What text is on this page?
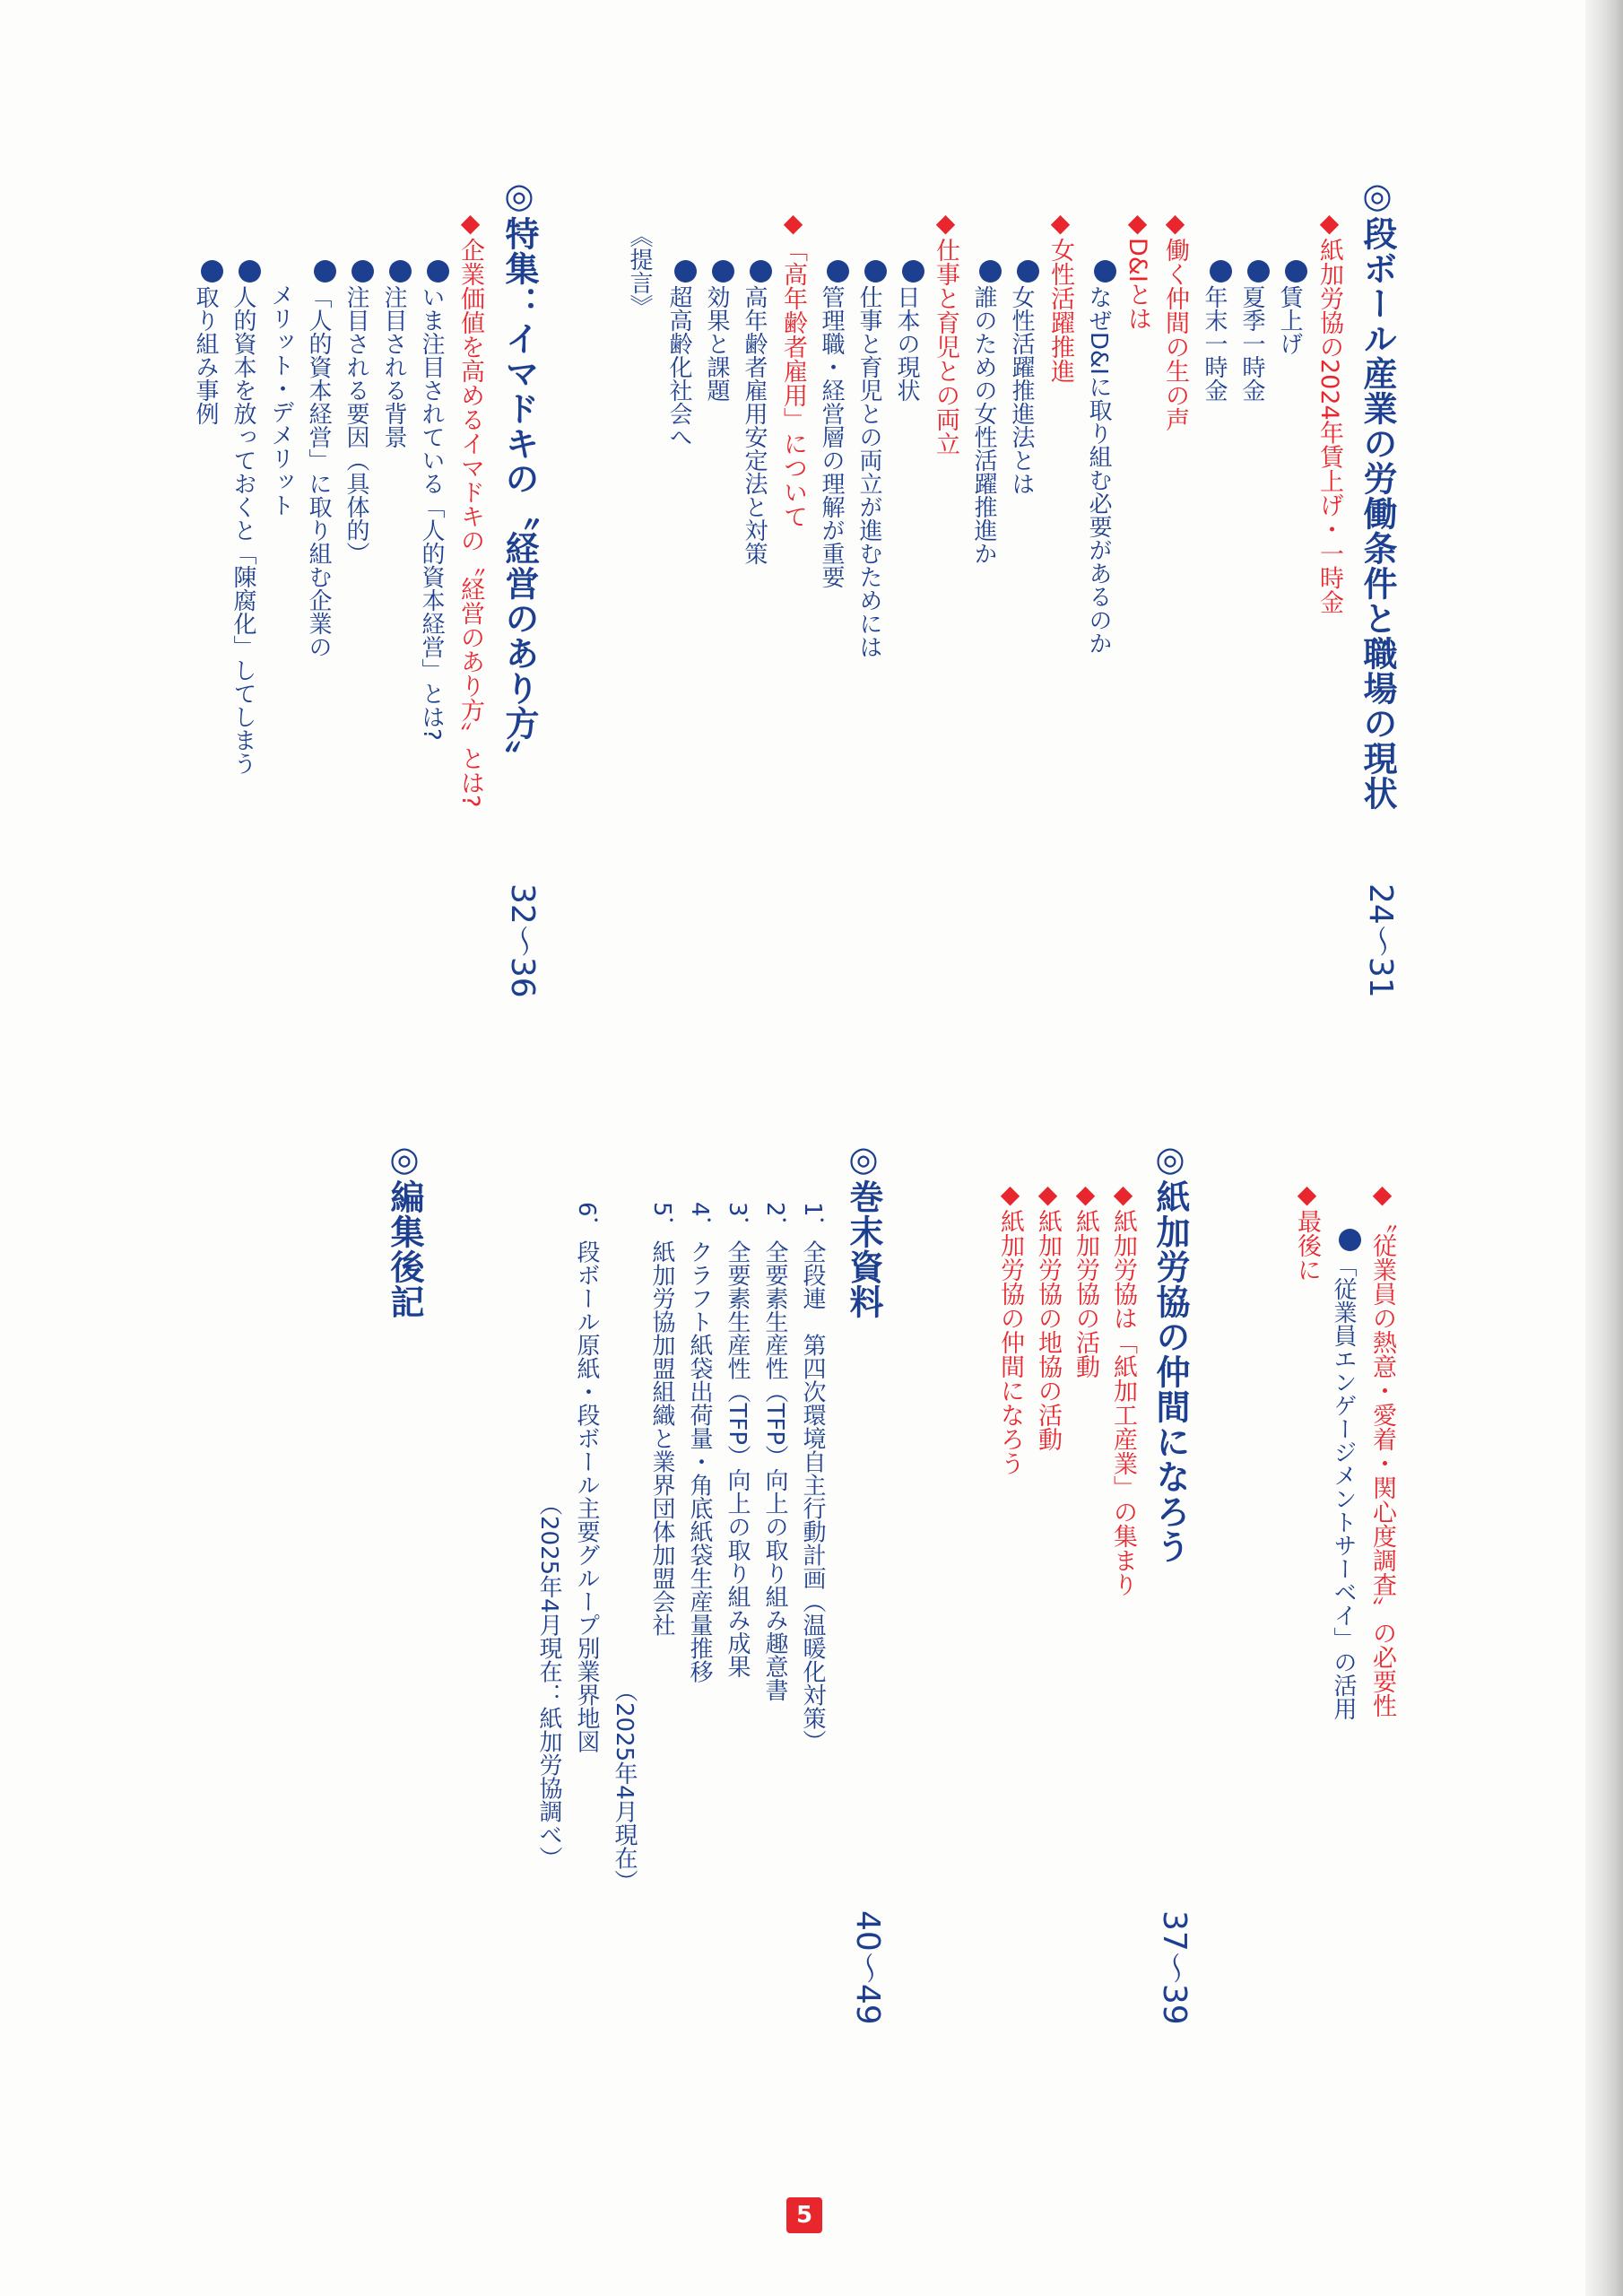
◎段ボール産業の労働条件と職場の現状
24〜31
◆紙加労協の2024年賃上げ・一時金
賃上げ
夏季一時金
年末一時金
◆働く仲間の生の声
◆D&Iとは
なぜD&Iに取り組む必要があるのか
◆女性活躍推進
女性活躍推進法とは
誰のための女性活躍推進か
◆仕事と育児との両立
日本の現状
仕事と育児との両立が進むためには
管理職・経営層の理解が重要
◆「高年齢者雇用」について
高年齢者雇用安定法と対策
効果と課題
超高齢化社会へ
《提言》
◎特集：イマドキの〝経営のあり方〟
32〜36
◆企業価値を高めるイマドキの〝経営のあり方〟とは?
いま注目されている「人的資本経営」とは?
注目される背景
注目される要因（具体的）
「人的資本経営」に取り組む企業の
メリット・デメリット
人的資本を放っておくと「陳腐化」してしまう
取り組み事例
◆〝従業員の熱意・愛着・関心度調査〟の必要性
「従業員エンゲージメントサーベイ」の活用
◆最後に
◎紙加労協の仲間になろう
37〜39
◆紙加労協は「紙加工産業」の集まり
◆紙加労協の活動
◆紙加労協の地協の活動
◆紙加労協の仲間になろう
◎巻末資料
40〜49
1．全段連　第四次環境自主行動計画（温暖化対策）
2．全要素生産性（TFP）向上の取り組み趣意書
3．全要素生産性（TFP）向上の取り組み成果
4．クラフト紙袋出荷量・角底紙袋生産量推移
5．紙加労協加盟組織と業界団体加盟会社
（2025年4月現在）
6．段ボール原紙・段ボール主要グループ別業界地図
（2025年4月現在：紙加労協調べ）
◎編集後記
5
